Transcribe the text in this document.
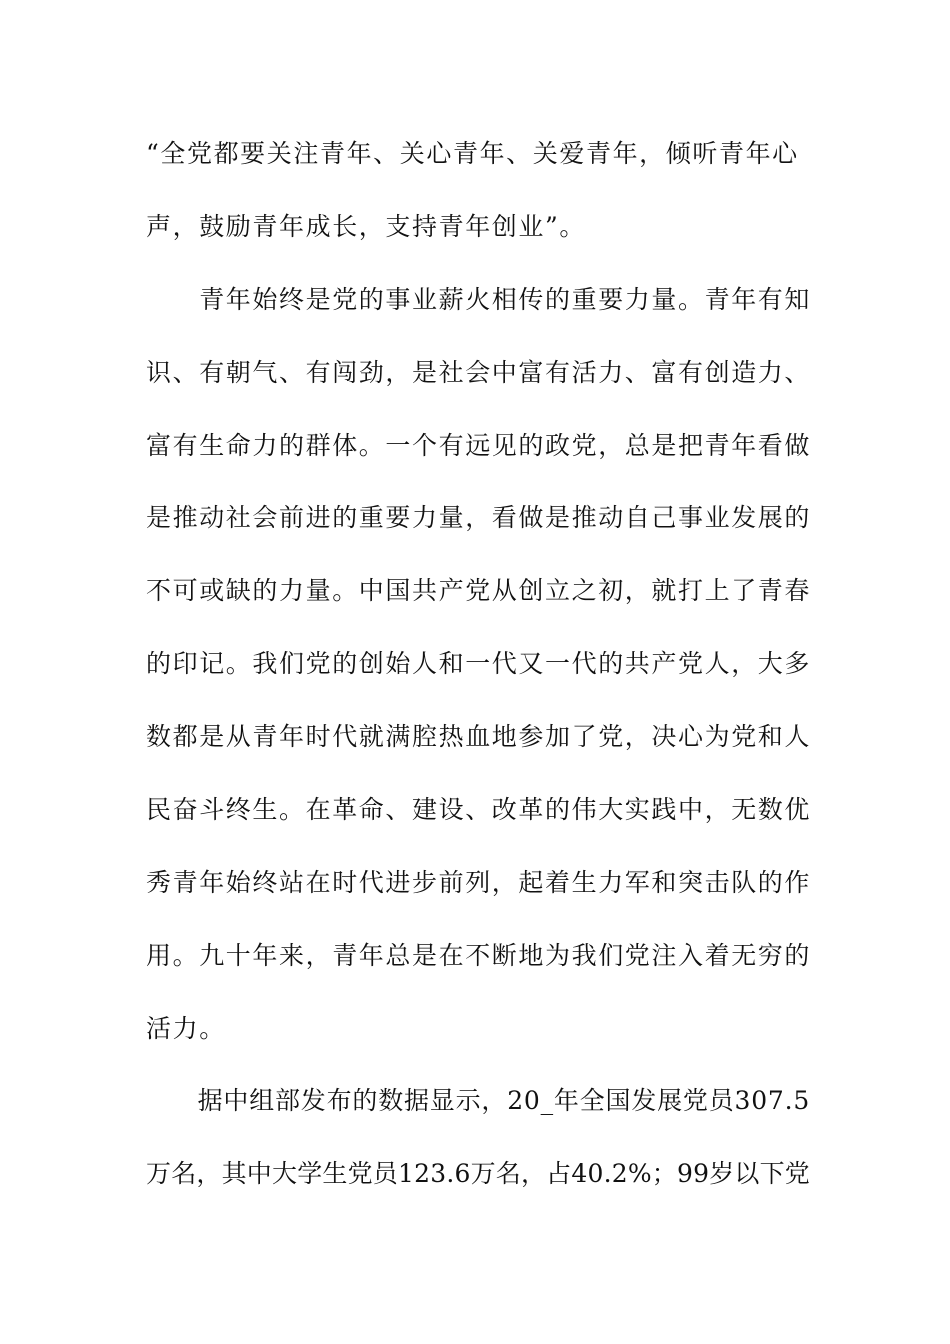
“全党都要关注青年、关心青年、关爱青年，倾听青年心
声，鼓励青年成长，支持青年创业”。
　　青年始终是党的事业薪火相传的重要力量。青年有知
识、有朝气、有闯劲，是社会中富有活力、富有创造力、
富有生命力的群体。一个有远见的政党，总是把青年看做
是推动社会前进的重要力量，看做是推动自己事业发展的
不可或缺的力量。中国共产党从创立之初，就打上了青春
的印记。我们党的创始人和一代又一代的共产党人，大多
数都是从青年时代就满腔热血地参加了党，决心为党和人
民奋斗终生。在革命、建设、改革的伟大实践中，无数优
秀青年始终站在时代进步前列，起着生力军和突击队的作
用。九十年来，青年总是在不断地为我们党注入着无穷的
活力。
　　据中组部发布的数据显示，20_年全国发展党员307.5
万名，其中大学生党员123.6万名，占40.2%；99岁以下党
